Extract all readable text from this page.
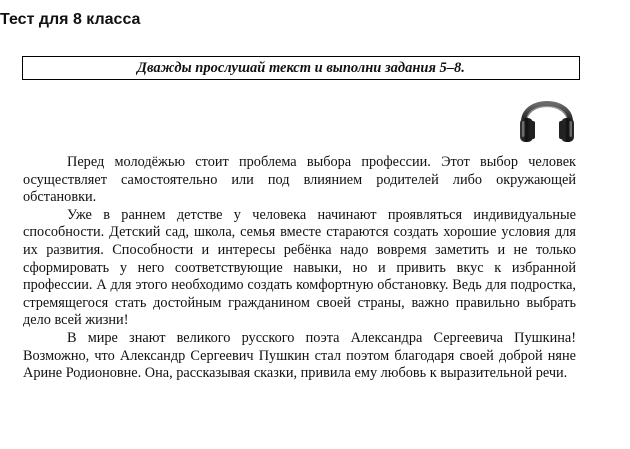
Тест для 8 класса
Дважды прослушай текст и выполни задания 5–8.

Перед молодёжью стоит проблема выбора профессии. Этот выбор человек осуществляет самостоятельно или под влиянием родителей либо окружающей обстановки.

Уже в раннем детстве у человека начинают проявляться индивидуальные способности. Детский сад, школа, семья вместе стараются создать хорошие условия для их развития. Способности и интересы ребёнка надо вовремя заметить и не только сформировать у него соответствующие навыки, но и привить вкус к избранной профессии. А для этого необходимо создать комфортную обстановку. Ведь для подростка, стремящегося стать достойным гражданином своей страны, важно правильно выбрать дело всей жизни!

В мире знают великого русского поэта Александра Сергеевича Пушкина! Возможно, что Александр Сергеевич Пушкин стал поэтом благодаря своей доброй няне Арине Родионовне. Она, рассказывая сказки, привила ему любовь к выразительной речи.
